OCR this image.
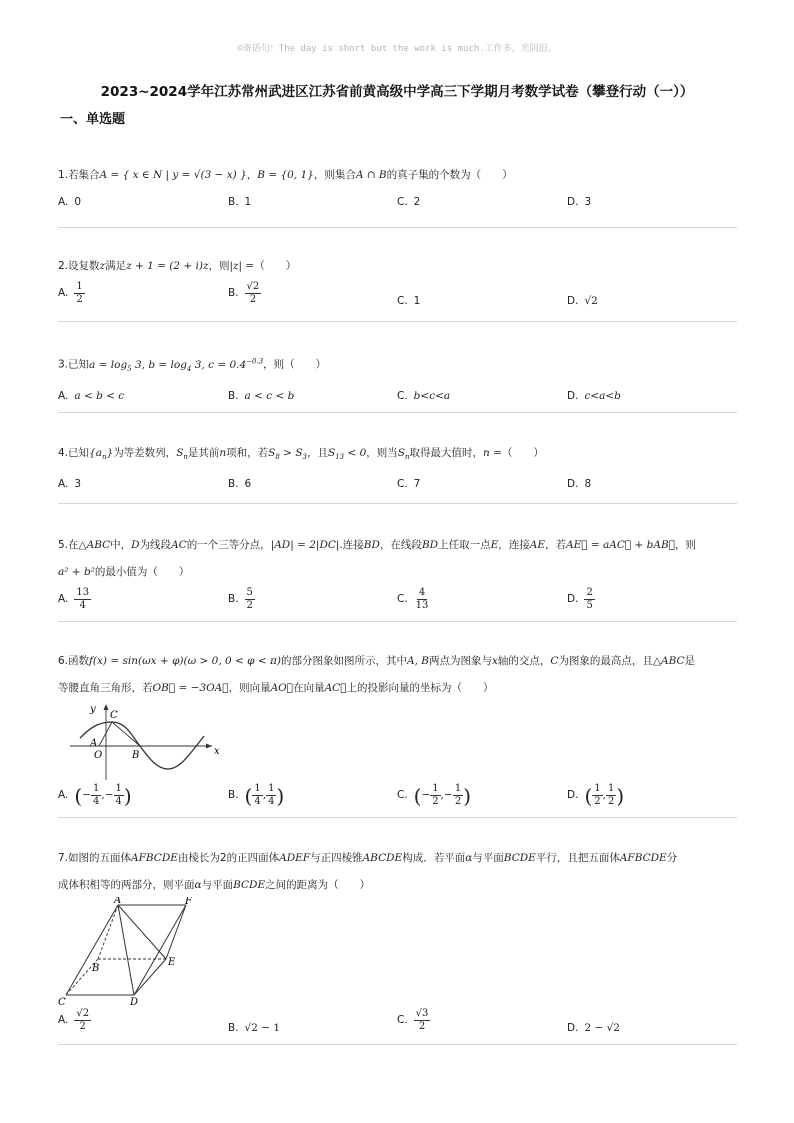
☺寄语句：The day is short but the work is much.工作多，光阴迫。
2023~2024学年江苏常州武进区江苏省前黄高级中学高三下学期月考数学试卷（攀登行动（一））
一、单选题
1.若集合A = { x ∈ N | y = √(3 − x) }，B = {0, 1}，则集合A ∩ B的真子集的个数为（　　）
A. 0	B. 1	C. 2	D. 3
2.设复数z满足z + 1 = (2 + i)z，则|z| =（　　）
A. $\frac{1}{2}$	B. $\frac{√2}{2}$	C. 1	D. √2
3.已知$a = \log_5 3$, $b = \log_4 3$, $c = 0.4^{-0.3}$，则（　　）
A. a < b < c	B. a < c < b	C. b<c<a	D. c<a<b
4.已知$\{a_n\}$为等差数列，$S_n$是其前n项和，若$S_8 > S_3$，且$S_{13} < 0$，则当$S_n$取得最大值时，n =（　　）
A. 3	B. 6	C. 7	D. 8
5.在△ABC中，D为线段AC的一个三等分点，|AD| = 2|DC|.连接BD，在线段BD上任取一点E，连接AE，若AE⃗ = aAC⃗ + bAB⃗，则
a² + b²的最小值为（　　）
A. $\frac{13}{4}$	B. $\frac{5}{2}$	C. $\frac{4}{13}$	D. $\frac{2}{5}$
6.函数f(x) = sin(ωx + φ)(ω > 0, 0 < φ < π)的部分图象如图所示，其中A, B两点为图象与x轴的交点，C为图象的最高点，且△ABC是
等腰直角三角形，若OB⃗ = −3OA⃗，则向量AO⃗在向量AC⃗上的投影向量的坐标为（　　）
y
x
A
C
O	B
A. ( − $\frac{1}{4}$ , − $\frac{1}{4}$ )	B. ( $\frac{1}{4}$ , $\frac{1}{4}$ )	C. ( − $\frac{1}{2}$ , − $\frac{1}{2}$ )	D. ( $\frac{1}{2}$ , $\frac{1}{2}$ )
7.如图的五面体AFBCDE由棱长为2的正四面体ADEF与正四棱锥ABCDE构成．若平面α与平面BCDE平行，且把五面体AFBCDE分
成体积相等的两部分，则平面α与平面BCDE之间的距离为（　　）
A	F
B
E
C	D
A. $\frac{√2}{2}$	B. √2 − 1
C. $\frac{√3}{2}$	D. 2 − √2
